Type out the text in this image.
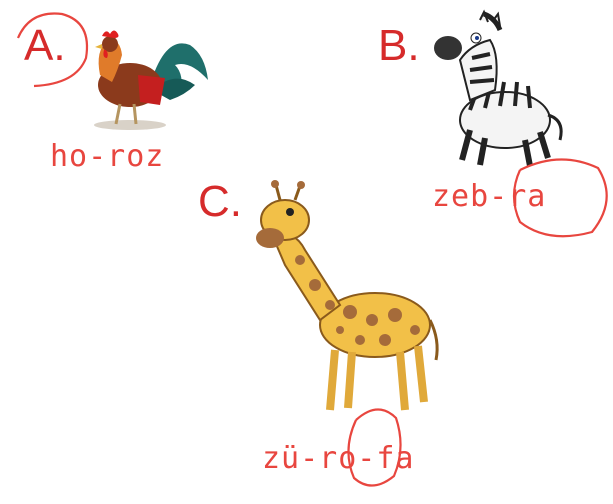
A.	B.
C.
ho-roz
zeb-ra
zü-ro-fa
